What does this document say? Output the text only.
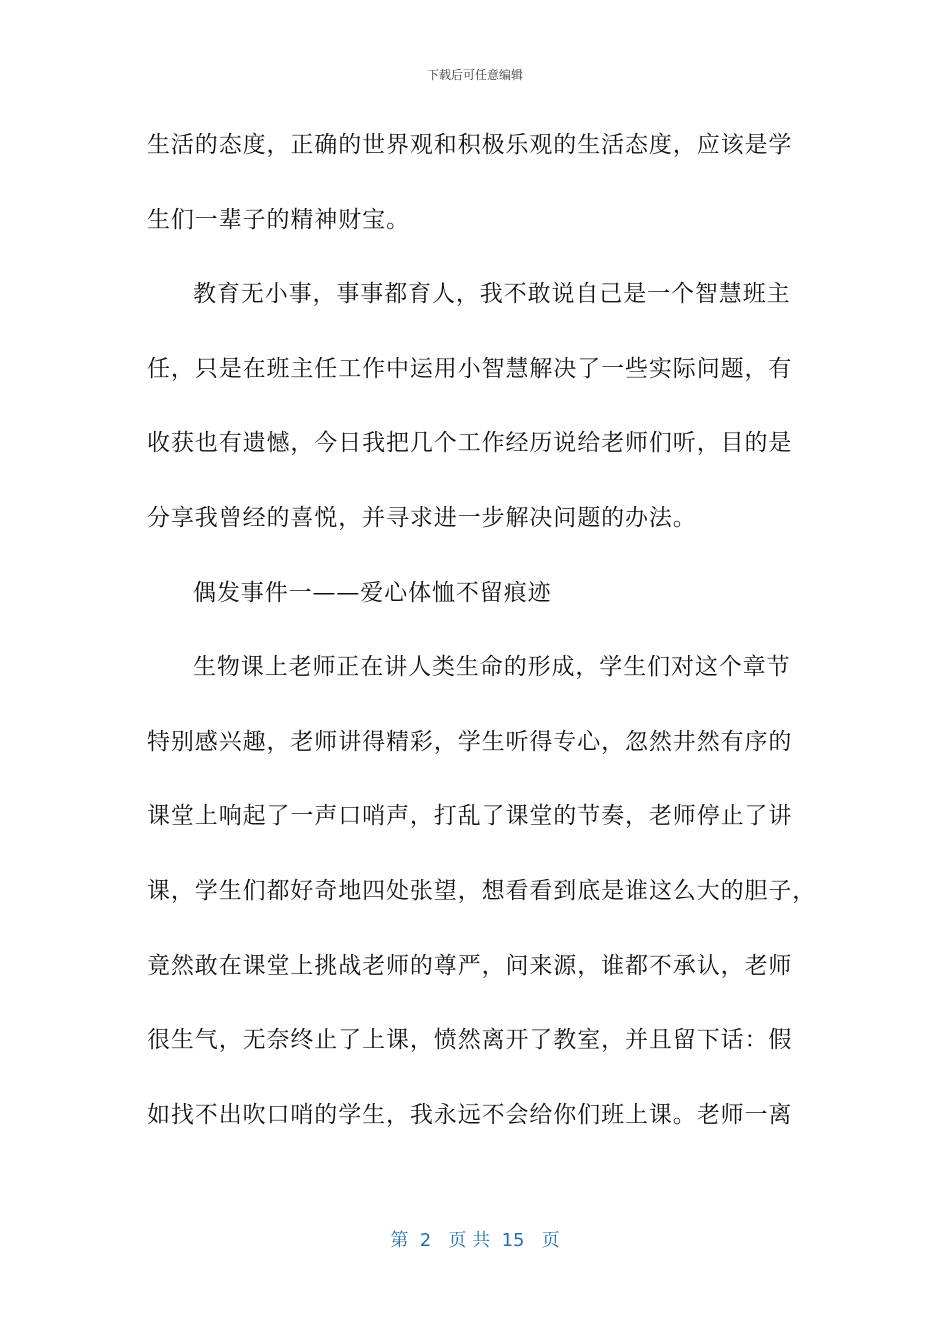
下载后可任意编辑
生活的态度，正确的世界观和积极乐观的生活态度，应该是学
生们一辈子的精神财宝。
教育无小事，事事都育人，我不敢说自己是一个智慧班主
任，只是在班主任工作中运用小智慧解决了一些实际问题，有
收获也有遗憾，今日我把几个工作经历说给老师们听，目的是
分享我曾经的喜悦，并寻求进一步解决问题的办法。
偶发事件一——爱心体恤不留痕迹
生物课上老师正在讲人类生命的形成，学生们对这个章节
特别感兴趣，老师讲得精彩，学生听得专心，忽然井然有序的
课堂上响起了一声口哨声，打乱了课堂的节奏，老师停止了讲
课，学生们都好奇地四处张望，想看看到底是谁这么大的胆子，
竟然敢在课堂上挑战老师的尊严，问来源，谁都不承认，老师
很生气，无奈终止了上课，愤然离开了教室，并且留下话：假
如找不出吹口哨的学生，我永远不会给你们班上课。老师一离
第  2   页 共  15   页
